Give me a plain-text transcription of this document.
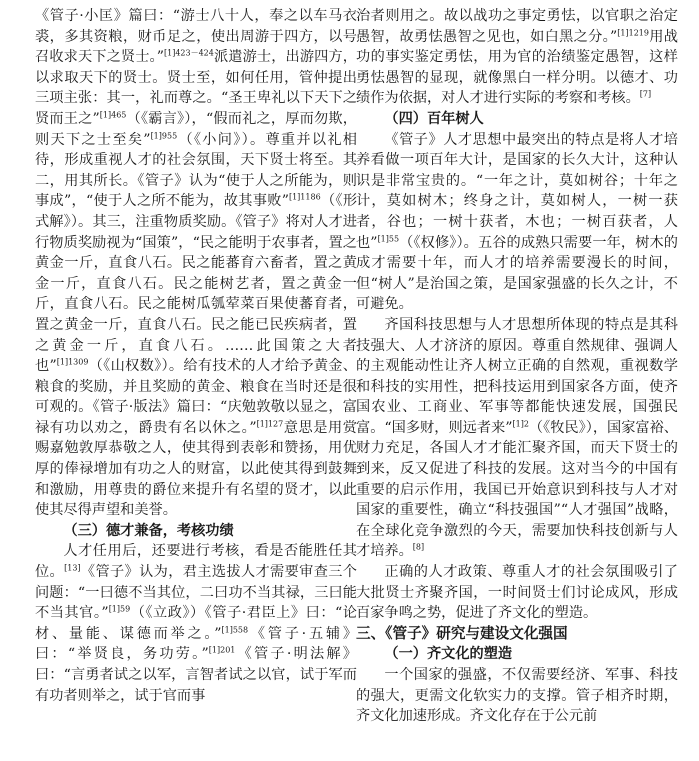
《管子·小匡》篇曰：“游士八十人，奉之以车马衣裘，多其资粮，财币足之，使出周游于四方，以号召收求天下之贤士。”$^{[1]423-424}$派遣游士，出游四方，以求取天下的贤士。贤士至，如何任用，管仲提出三项主张：其一，礼而尊之。“圣王卑礼以下天下之贤而王之”$^{[1]465}$（《霸言》），“假而礼之，厚而勿欺，则天下之士至矣”$^{[1]955}$（《小问》）。尊重并以礼相待，形成重视人才的社会氛围，天下贤士将至。其二，用其所长。《管子》认为“使于人之所能为，则事成”，“使于人之所不能为，故其事败”$^{[1]1186}$（《形式解》）。其三，注重物质奖励。《管子》将对人才进行物质奖励视为“国策”，“民之能明于农事者，置之黄金一斤，直食八石。民之能蕃育六畜者，置之黄金一斤，直食八石。民之能树艺者，置之黄金一斤，直食八石。民之能树瓜瓠荤菜百果使蕃育者，置之黄金一斤，直食八石。民之能已民疾病者，置之黄金一斤，直食八石。……此国策之大者也”$^{[1]1309}$（《山权数》）。给有技术的人才给予黄金、粮食的奖励，并且奖励的黄金、粮食在当时还是很可观的。《管子·版法》篇曰：“庆勉敦敬以显之，富禄有功以劝之，爵贵有名以休之。”$^{[1]127}$意思是用赏赐嘉勉敦厚恭敬之人，使其得到表彰和赞扬，用优厚的俸禄增加有功之人的财富，以此使其得到鼓舞和激励，用尊贵的爵位来提升有名望的贤才，以此使其尽得声望和美誉。

（三）德才兼备，考核功绩

人才任用后，还要进行考核，看是否能胜任其位。[13]《管子》认为，君主选拔人才需要审查三个问题：“一曰德不当其位，二曰功不当其禄，三曰能不当其官。”$^{[1]59}$（《立政》）《管子·君臣上》曰：“论材、量能、谋德而举之。”$^{[1]558}$《管子·五辅》曰：“举贤良，务功劳。”$^{[1]201}$《管子·明法解》曰：“言勇者试之以军，言智者试之以官，试于军而有功者则举之，试于官而事

治者则用之。故以战功之事定勇怯，以官职之治定愚智，故勇怯愚智之见也，如白黑之分。”$^{[1]1219}$用战功的事实鉴定勇怯，用为官的治绩鉴定愚智，这样勇怯愚智的显现，就像黑白一样分明。以德才、功绩作为依据，对人才进行实际的考察和考核。[7]

（四）百年树人

《管子》人才思想中最突出的特点是将人才培养看做一项百年大计，是国家的长久大计，这种认识是非常宝贵的。“一年之计，莫如树谷；十年之计，莫如树木；终身之计，莫如树人，一树一获者，谷也；一树十获者，木也；一树百获者，人也”$^{[1]55}$（《权修》）。五谷的成熟只需要一年，树木的成才需要十年，而人才的培养需要漫长的时间，但“树人”是治国之策，是国家强盛的长久之计，不可避免。

齐国科技思想与人才思想所体现的特点是其科技强大、人才济济的原因。尊重自然规律、强调人的主观能动性让齐人树立正确的自然观，重视数学和科技的实用性，把科技运用到国家各方面，使齐国农业、工商业、军事等都能快速发展，国强民富。“国多财，则远者来”$^{[1]2}$（《牧民》），国家富裕、财力充足，各国人才才能汇聚齐国，而天下贤士的到来，反又促进了科技的发展。这对当今的中国有重要的启示作用，我国已开始意识到科技与人才对国家的重要性，确立“科技强国”“人才强国”战略，在全球化竞争激烈的今天，需要加快科技创新与人才培养。[8]

正确的人才政策、尊重人才的社会氛围吸引了大批贤士齐聚齐国，一时间贤士们讨论成风，形成百家争鸣之势，促进了齐文化的塑造。

三、《管子》研究与建设文化强国

（一）齐文化的塑造

一个国家的强盛，不仅需要经济、军事、科技的强大，更需文化软实力的支撑。管子相齐时期，齐文化加速形成。齐文化存在于公元前
